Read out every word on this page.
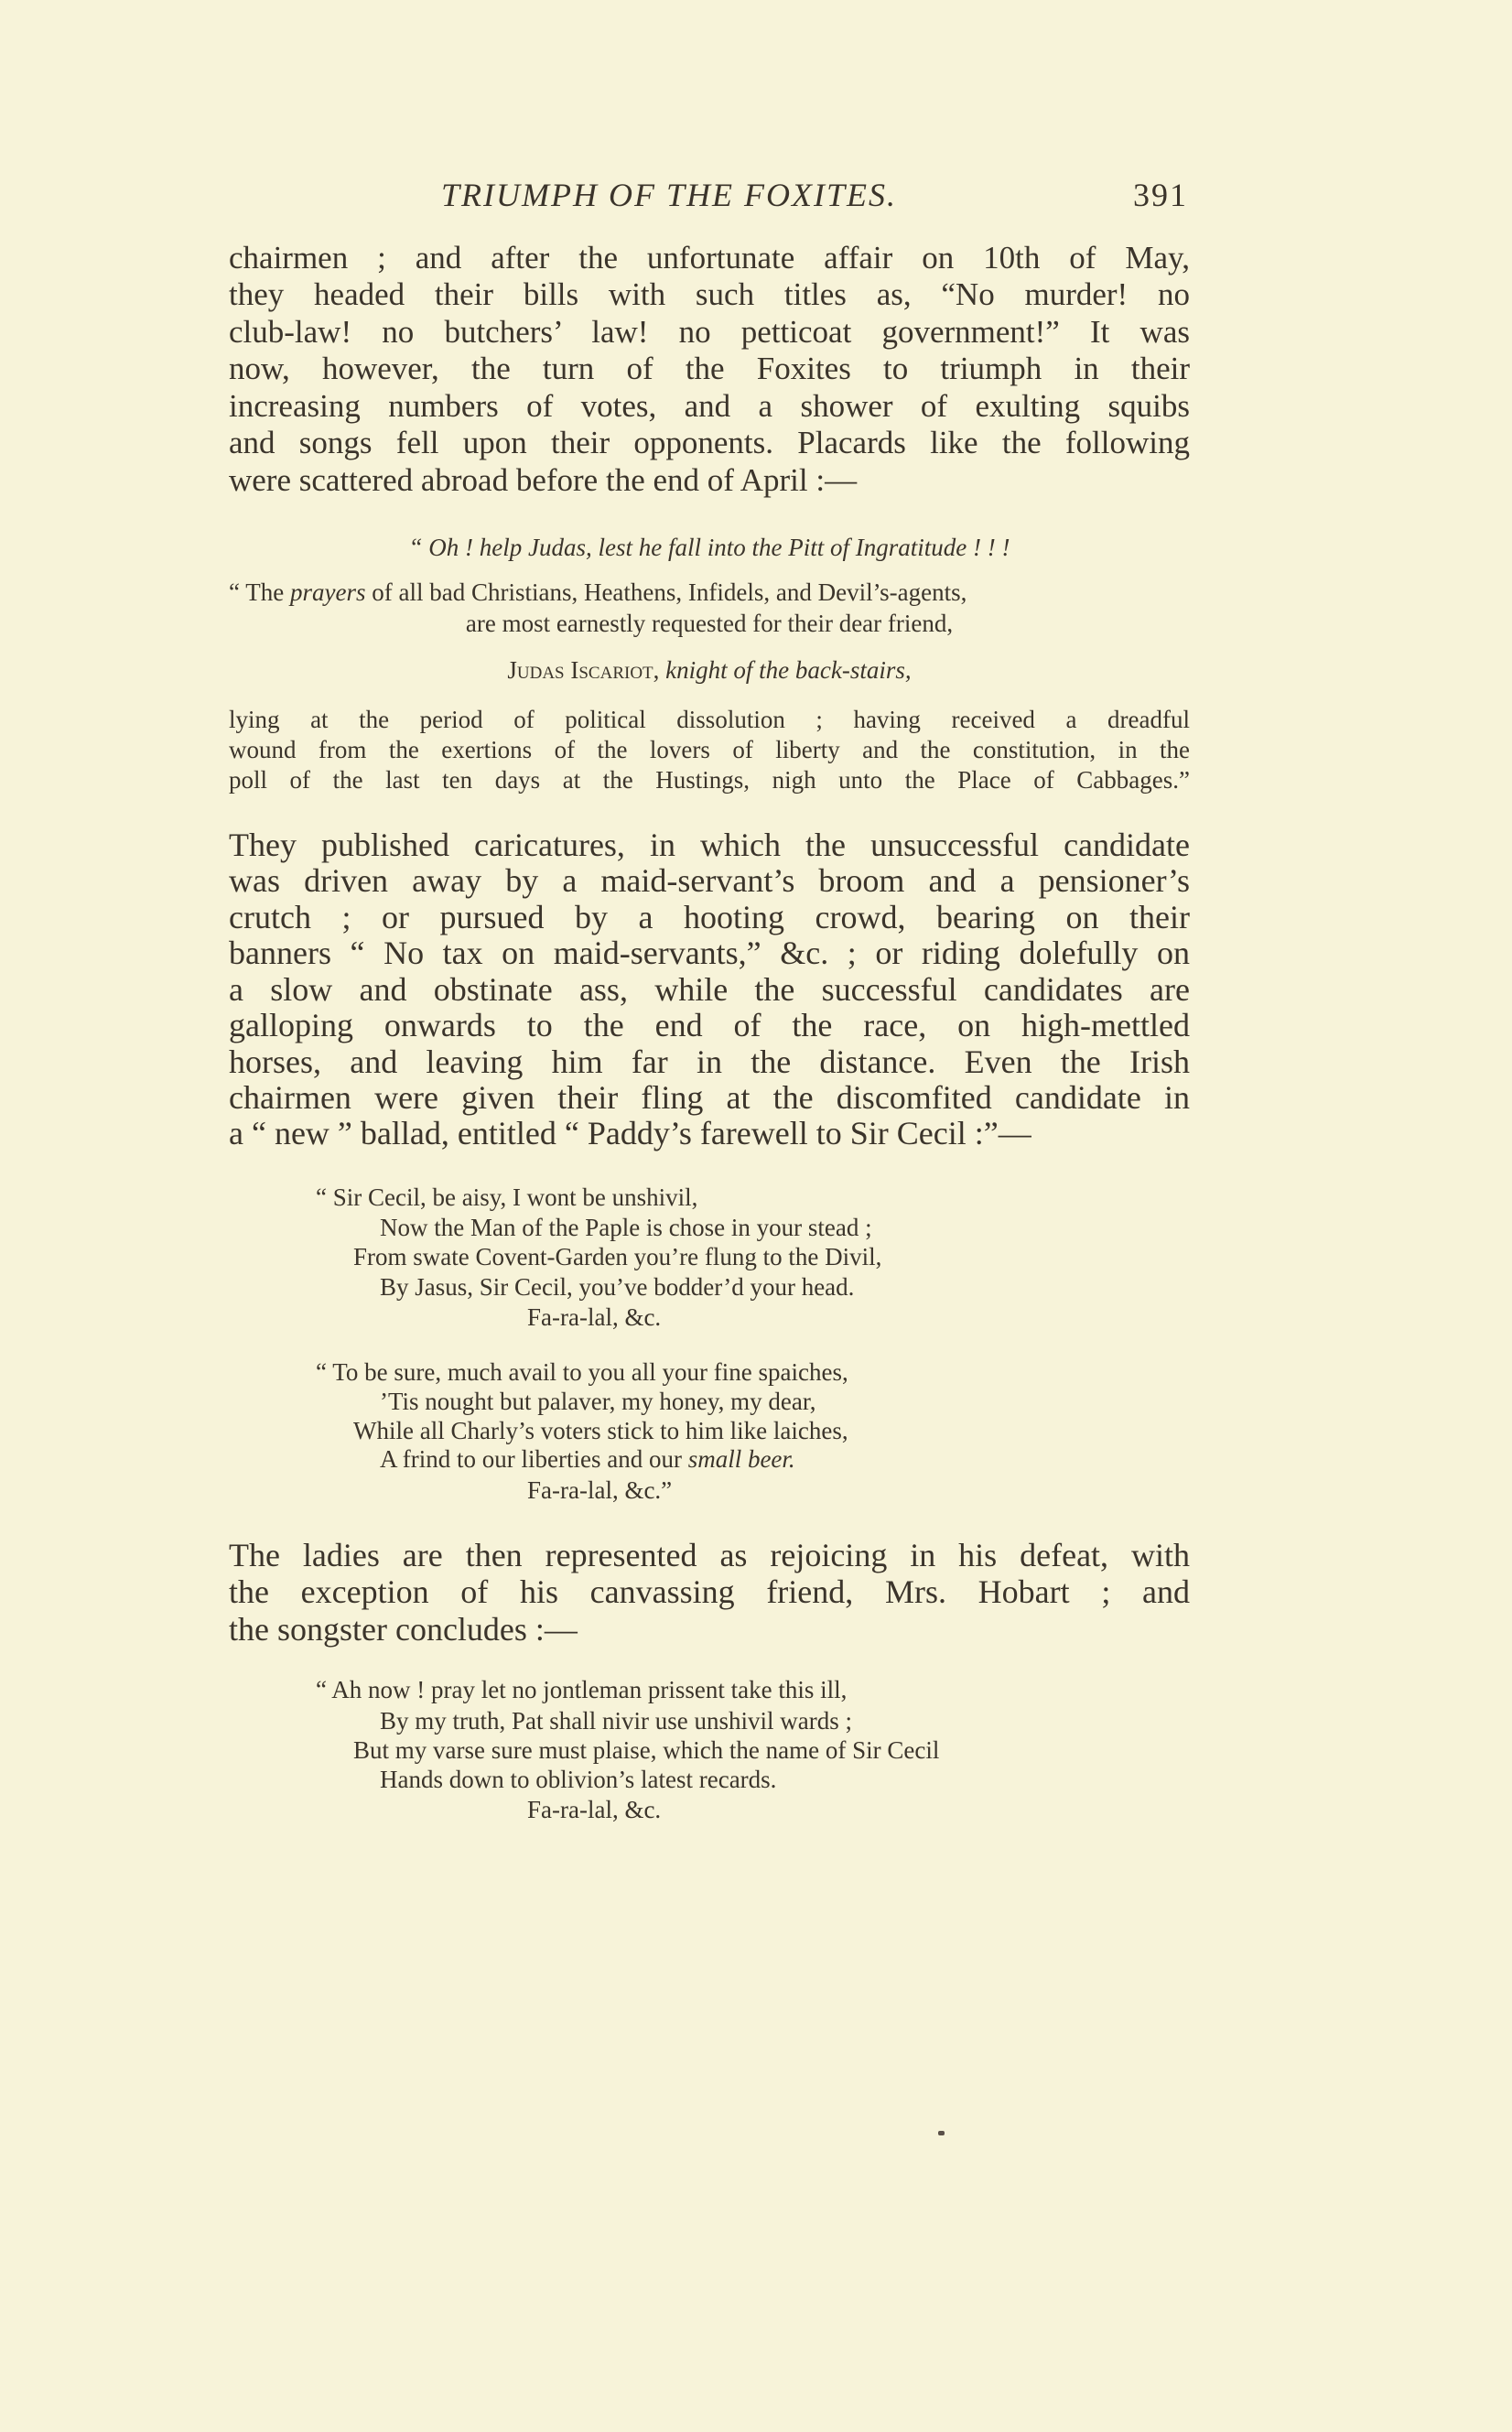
TRIUMPH OF THE FOXITES.	391
chairmen ; and after the unfortunate affair on 10th of May,
they headed their bills with such titles as, “No murder! no
club-law! no butchers’ law! no petticoat government!” It was
now, however, the turn of the Foxites to triumph in their
increasing numbers of votes, and a shower of exulting squibs
and songs fell upon their opponents. Placards like the following
were scattered abroad before the end of April :—
“ Oh ! help Judas, lest he fall into the Pitt of Ingratitude ! ! !
“ The prayers of all bad Christians, Heathens, Infidels, and Devil’s-agents,
are most earnestly requested for their dear friend,
Judas Iscariot, knight of the back-stairs,
lying at the period of political dissolution ; having received a dreadful
wound from the exertions of the lovers of liberty and the constitution, in the
poll of the last ten days at the Hustings, nigh unto the Place of Cabbages.”
They published caricatures, in which the unsuccessful candidate
was driven away by a maid-servant’s broom and a pensioner’s
crutch ; or pursued by a hooting crowd, bearing on their
banners “ No tax on maid-servants,” &c. ; or riding dolefully on
a slow and obstinate ass, while the successful candidates are
galloping onwards to the end of the race, on high-mettled
horses, and leaving him far in the distance. Even the Irish
chairmen were given their fling at the discomfited candidate in
a “ new ” ballad, entitled “ Paddy’s farewell to Sir Cecil :”—
“ Sir Cecil, be aisy, I wont be unshivil,
Now the Man of the Paple is chose in your stead ;
From swate Covent-Garden you’re flung to the Divil,
By Jasus, Sir Cecil, you’ve bodder’d your head.
Fa-ra-lal, &c.
“ To be sure, much avail to you all your fine spaiches,
’Tis nought but palaver, my honey, my dear,
While all Charly’s voters stick to him like laiches,
A frind to our liberties and our small beer.
Fa-ra-lal, &c.”
The ladies are then represented as rejoicing in his defeat, with
the exception of his canvassing friend, Mrs. Hobart ; and
the songster concludes :—
“ Ah now ! pray let no jontleman prissent take this ill,
By my truth, Pat shall nivir use unshivil wards ;
But my varse sure must plaise, which the name of Sir Cecil
Hands down to oblivion’s latest recards.
Fa-ra-lal, &c.
